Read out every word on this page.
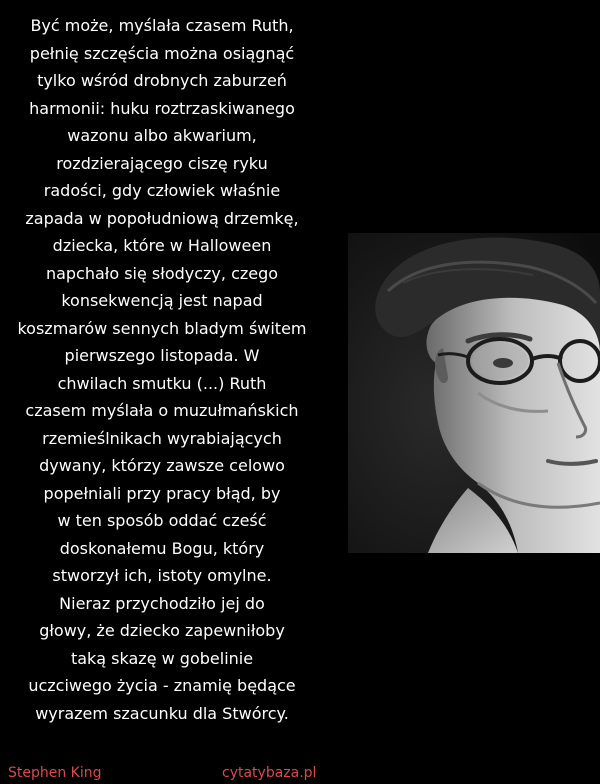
Być może, myślała czasem Ruth,
pełnię szczęścia można osiągnąć
tylko wśród drobnych zaburzeń
harmonii: huku roztrzaskiwanego
wazonu albo akwarium,
rozdzierającego ciszę ryku
radości, gdy człowiek właśnie
zapada w popołudniową drzemkę,
dziecka, które w Halloween
napchało się słodyczy, czego
konsekwencją jest napad
koszmarów sennych bladym świtem
pierwszego listopada. W
chwilach smutku (...) Ruth
czasem myślała o muzułmańskich
rzemieślnikach wyrabiających
dywany, którzy zawsze celowo
popełniali przy pracy błąd, by
w ten sposób oddać cześć
doskonałemu Bogu, który
stworzył ich, istoty omylne.
Nieraz przychodziło jej do
głowy, że dziecko zapewniłoby
taką skazę w gobelinie
uczciwego życia - znamię będące
wyrazem szacunku dla Stwórcy.
Stephen King	cytatybaza.pl
